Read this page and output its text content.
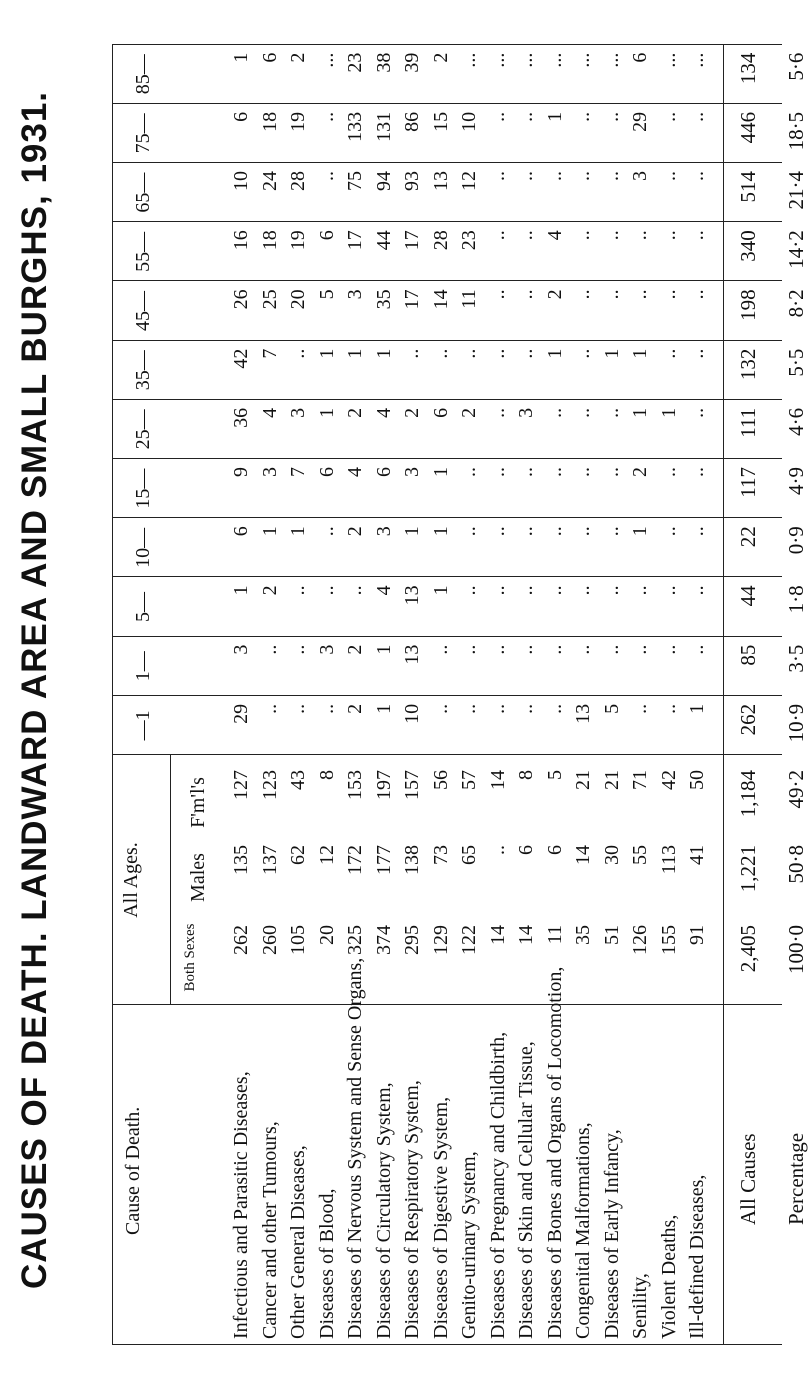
CAUSES OF DEATH. LANDWARD AREA AND SMALL BURGHS, 1931.	Cause of Death.
All Ages.
Both Sexes
Males
F'm'l's
—1
1—
5—
10—
15—
25—
35—
45—
55—
65—
75—
85—
Infectious and Parasitic Diseases,
262
135
127
29
3
1
6
9
36
42
26
16
10
6
1
Cancer and other Tumours,
260
137
123
..
..
2
1
3
4
7
25
18
24
18
6
Other General Diseases,
105
62
43
..
..
..
1
7
3
..
20
19
28
19
2
Diseases of Blood,
20
12
8
..
3
..
..
6
1
1
5
6
..
..
...
Diseases of Nervous System and Sense Organs,
325
172
153
2
2
..
2
4
2
1
3
17
75
133
23
Diseases of Circulatory System,
374
177
197
1
1
4
3
6
4
1
35
44
94
131
38
Diseases of Respiratory System,
295
138
157
10
13
13
1
3
2
..
17
17
93
86
39
Diseases of Digestive System,
129
73
56
..
..
1
1
1
6
..
14
28
13
15
2
Genito-urinary System,
122
65
57
..
..
..
..
..
2
..
11
23
12
10
...
Diseases of Pregnancy and Childbirth,
14
..
14
..
..
..
..
..
..
..
..
..
..
..
...
Diseases of Skin and Cellular Tissue,
14
6
8
..
..
..
..
..
3
..
..
..
..
..
...
Diseases of Bones and Organs of Locomotion,
11
6
5
..
..
..
..
..
..
1
2
4
..
1
...
Congenital Malformations,
35
14
21
13
..
..
..
..
..
..
..
..
..
..
...
Diseases of Early Infancy,
51
30
21
5
..
..
..
..
..
1
..
..
..
..
...
Senility,
126
55
71
..
..
..
1
2
1
1
..
..
3
29
6
Violent Deaths,
155
113
42
..
..
..
..
..
1
..
..
..
..
..
...
Ill-defined Diseases,
91
41
50
1
..
..
..
..
..
..
..
..
..
..
...
All Causes
2,405
1,221
1,184
262
85
44
22
117
111
132
198
340
514
446
134
Percentage
100·0
50·8
49·2
10·9
3·5
1·8
0·9
4·9
4·6
5·5
8·2
14·2
21·4
18·5
5·6
